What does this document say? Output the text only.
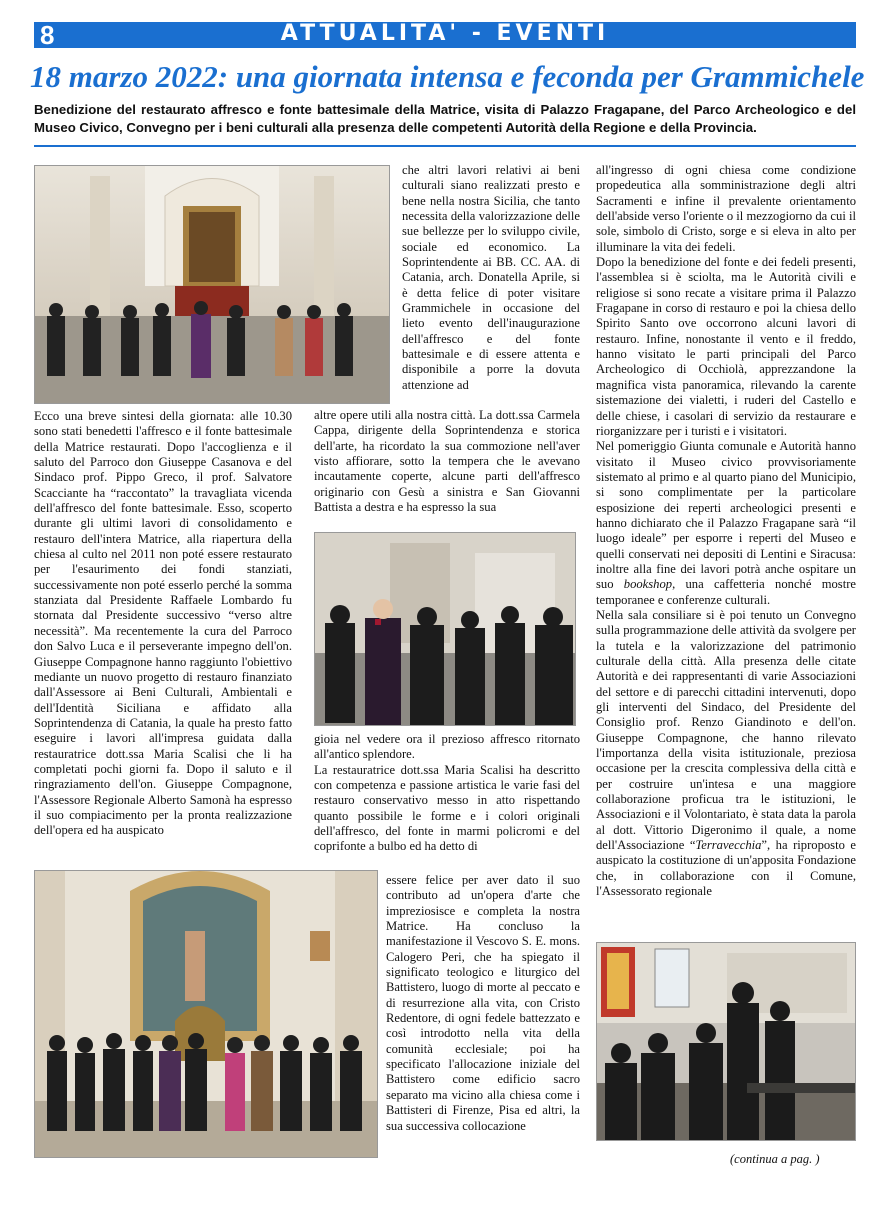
8	ATTUALITA' - EVENTI
18 marzo 2022: una giornata intensa e feconda per Grammichele
Benedizione del restaurato affresco e fonte battesimale della Matrice, visita di Palazzo Fragapane, del Parco Archeologico e del Museo Civico, Convegno per i beni culturali alla presenza delle competenti Autorità della Regione e della Provincia.

Ecco una breve sintesi della giornata: alle 10.30 sono stati benedetti l'affresco e il fonte battesimale della Matrice restaurati. Dopo l'accoglienza e il saluto del Parroco don Giuseppe Casanova e del Sindaco prof. Pippo Greco, il prof. Salvatore Scacciante ha “raccontato” la travagliata vicenda dell'affresco del fonte battesimale. Esso, scoperto durante gli ultimi lavori di consolidamento e restauro dell'intera Matrice, alla riapertura della chiesa al culto nel 2011 non poté essere restaurato per l'esaurimento dei fondi stanziati, successivamente non poté esserlo perché la somma stanziata dal Presidente Raffaele Lombardo fu stornata dal Presidente successivo “verso altre necessità”. Ma recentemente la cura del Parroco don Salvo Luca e il perseverante impegno dell'on. Giuseppe Compagnone hanno raggiunto l'obiettivo mediante un nuovo progetto di restauro finanziato dall'Assessore ai Beni Culturali, Ambientali e dell'Identità Siciliana e affidato alla Soprintendenza di Catania, la quale ha presto fatto eseguire i lavori all'impresa guidata dalla restauratrice dott.ssa Maria Scalisi che li ha completati pochi giorni fa. Dopo il saluto e il ringraziamento dell'on. Giuseppe Compagnone, l'Assessore Regionale Alberto Samonà ha espresso il suo compiacimento per la pronta realizzazione dell'opera ed ha auspicato

che altri lavori relativi ai beni culturali siano realizzati presto e bene nella nostra Sicilia, che tanto necessita della valorizzazione delle sue bellezze per lo sviluppo civile, sociale ed economico. La Soprintendente ai BB. CC. AA. di Catania, arch. Donatella Aprile, si è detta felice di poter visitare Grammichele in occasione del lieto evento dell'inaugurazione dell'affresco e del fonte battesimale e di essere attenta e disponibile a porre la dovuta attenzione ad

altre opere utili alla nostra città. La dott.ssa Carmela Cappa, dirigente della Soprintendenza e storica dell'arte, ha ricordato la sua commozione nell'aver visto affiorare, sotto la tempera che le avevano incautamente coperte, alcune parti dell'affresco originario con Gesù a sinistra e San Giovanni Battista a destra e ha espresso la sua

gioia nel vedere ora il prezioso affresco ritornato all'antico splendore.

La restauratrice dott.ssa Maria Scalisi ha descritto con competenza e passione artistica le varie fasi del restauro conservativo messo in atto rispettando quanto possibile le forme e i colori originali dell'affresco, del fonte in marmi policromi e del coprifonte a bulbo ed ha detto di

essere felice per aver dato il suo contributo ad un'opera d'arte che impreziosisce e completa la nostra Matrice. Ha concluso la manifestazione il Vescovo S. E. mons. Calogero Peri, che ha spiegato il significato teologico e liturgico del Battistero, luogo di morte al peccato e di resurrezione alla vita, con Cristo Redentore, di ogni fedele battezzato e così introdotto nella vita della comunità ecclesiale; poi ha specificato l'allocazione iniziale del Battistero come edificio sacro separato ma vicino alla chiesa come i Battisteri di Firenze, Pisa ed altri, la sua successiva collocazione

all'ingresso di ogni chiesa come condizione propedeutica alla somministrazione degli altri Sacramenti e infine il prevalente orientamento dell'abside verso l'oriente o il mezzogiorno da cui il sole, simbolo di Cristo, sorge e si eleva in alto per illuminare la vita dei fedeli.

Dopo la benedizione del fonte e dei fedeli presenti, l'assemblea si è sciolta, ma le Autorità civili e religiose si sono recate a visitare prima il Palazzo Fragapane in corso di restauro e poi la chiesa dello Spirito Santo ove occorrono alcuni lavori di restauro. Infine, nonostante il vento e il freddo, hanno visitato le parti principali del Parco Archeologico di Occhiolà, apprezzandone la magnifica vista panoramica, rilevando la carente sistemazione dei vialetti, i ruderi del Castello e delle chiese, i casolari di servizio da restaurare e riorganizzare per i turisti e i visitatori.

Nel pomeriggio Giunta comunale e Autorità hanno visitato il Museo civico provvisoriamente sistemato al primo e al quarto piano del Municipio, si sono complimentate per la particolare esposizione dei reperti archeologici presenti e hanno dichiarato che il Palazzo Fragapane sarà “il luogo ideale” per esporre i reperti del Museo e quelli conservati nei depositi di Lentini e Siracusa: inoltre alla fine dei lavori potrà anche ospitare un suo bookshop, una caffetteria nonché mostre temporanee e conferenze culturali.

Nella sala consiliare si è poi tenuto un Convegno sulla programmazione delle attività da svolgere per la tutela e la valorizzazione del patrimonio culturale della città. Alla presenza delle citate Autorità e dei rappresentanti di varie Associazioni del settore e di parecchi cittadini intervenuti, dopo gli interventi del Sindaco, del Presidente del Consiglio prof. Renzo Giandinoto e dell'on. Giuseppe Compagnone, che hanno rilevato l'importanza della visita istituzionale, preziosa occasione per la crescita complessiva della città e per costruire un'intesa e una maggiore collaborazione proficua tra le istituzioni, le Associazioni e il Volontariato, è stata data la parola al dott. Vittorio Digeronimo il quale, a nome dell'Associazione “Terravecchia”, ha riproposto e auspicato la costituzione di un'apposita Fondazione che, in collaborazione con il Comune, l'Assessorato regionale

(continua a pag. )
